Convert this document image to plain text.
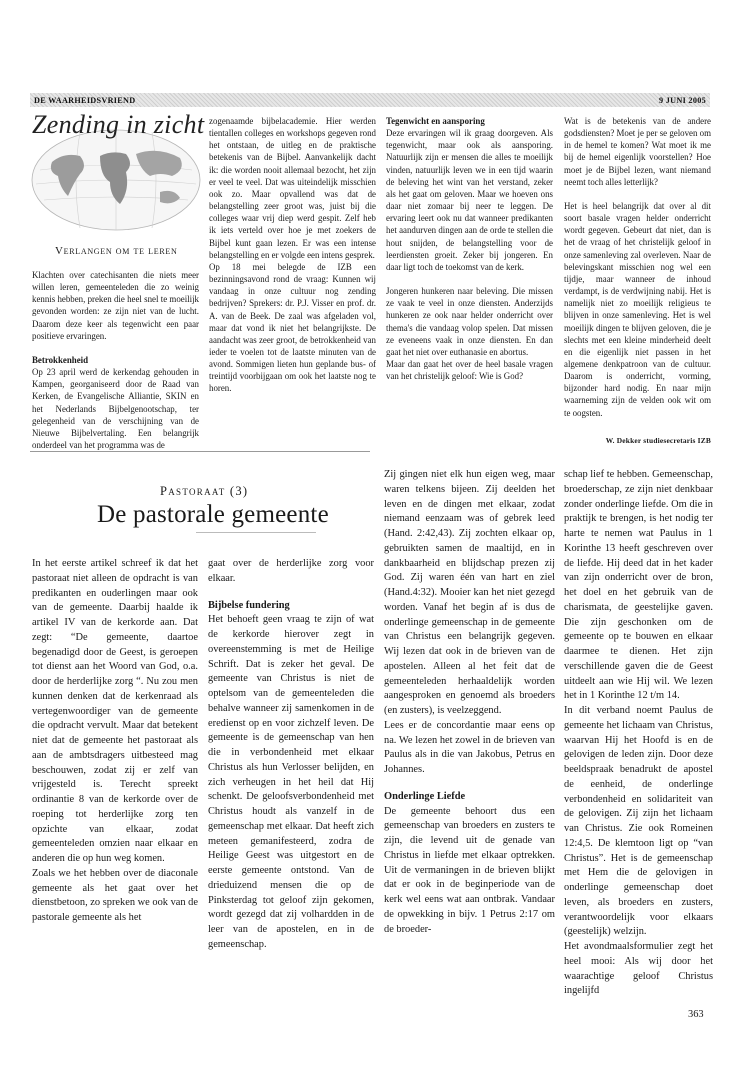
DE WAARHEIDSVRIEND	9 JUNI 2005
Zending in zicht
Verlangen om te leren

Klachten over catechisanten die niets meer willen leren, gemeenteleden die zo weinig kennis hebben, preken die heel snel te moeilijk gevonden worden: ze zijn niet van de lucht. Daarom deze keer als tegenwicht een paar positieve ervaringen.

Betrokkenheid

Op 23 april werd de kerkendag gehouden in Kampen, georganiseerd door de Raad van Kerken, de Evangelische Alliantie, SKIN en het Nederlands Bijbelgenootschap, ter gelegenheid van de verschijning van de Nieuwe Bijbelvertaling. Een belangrijk onderdeel van het programma was de

zogenaamde bijbelacademie. Hier werden tientallen colleges en workshops gegeven rond het ontstaan, de uitleg en de praktische betekenis van de Bijbel. Aanvankelijk dacht ik: die worden nooit allemaal bezocht, het zijn er veel te veel. Dat was uiteindelijk misschien ook zo. Maar opvallend was dat de belangstelling zeer groot was, juist bij die colleges waar vrij diep werd gespit. Zelf heb ik iets verteld over hoe je met zoekers de Bijbel kunt gaan lezen. Er was een intense belangstelling en er volgde een intens gesprek.

Op 18 mei belegde de IZB een bezinningsavond rond de vraag: Kunnen wij vandaag in onze cultuur nog zending bedrijven? Sprekers: dr. P.J. Visser en prof. dr. A. van de Beek. De zaal was afgeladen vol, maar dat vond ik niet het belangrijkste. De aandacht was zeer groot, de betrokkenheid van ieder te voelen tot de laatste minuten van de avond. Sommigen lieten hun geplande bus- of treintijd voorbijgaan om ook het laatste nog te horen.

Tegenwicht en aansporing

Deze ervaringen wil ik graag doorgeven. Als tegenwicht, maar ook als aansporing. Natuurlijk zijn er mensen die alles te moeilijk vinden, natuurlijk leven we in een tijd waarin de beleving het wint van het verstand, zeker als het gaat om geloven. Maar we hoeven ons daar niet zomaar bij neer te leggen. De ervaring leert ook nu dat wanneer predikanten het aandurven dingen aan de orde te stellen die hout snijden, de belangstelling voor de leerdiensten groeit. Zeker bij jongeren. En daar ligt toch de toekomst van de kerk.

Jongeren hunkeren naar beleving. Die missen ze vaak te veel in onze diensten. Anderzijds hunkeren ze ook naar helder onderricht over thema's die vandaag volop spelen. Dat missen ze eveneens vaak in onze diensten. En dan gaat het niet over euthanasie en abortus.

Maar dan gaat het over de heel basale vragen van het christelijk geloof: Wie is God?

Wat is de betekenis van de andere godsdiensten? Moet je per se geloven om in de hemel te komen? Wat moet ik me bij de hemel eigenlijk voorstellen? Hoe moet je de Bijbel lezen, want niemand neemt toch alles letterlijk?

Het is heel belangrijk dat over al dit soort basale vragen helder onderricht wordt gegeven. Gebeurt dat niet, dan is het de vraag of het christelijk geloof in onze samenleving zal overleven. Naar de belevingskant misschien nog wel een tijdje, maar wanneer de inhoud verdampt, is de verdwijning nabij. Het is namelijk niet zo moeilijk religieus te blijven in onze samenleving. Het is wel moeilijk dingen te blijven geloven, die je slechts met een kleine minderheid deelt en die eigenlijk niet passen in het algemene denkpatroon van de cultuur. Daarom is onderricht, vorming, bijzonder hard nodig. En naar mijn waarneming zijn de velden ook wit om te oogsten.

W. Dekker studiesecretaris IZB
Pastoraat (3)
De pastorale gemeente

In het eerste artikel schreef ik dat het pastoraat niet alleen de opdracht is van predikanten en ouderlingen maar ook van de gemeente. Daarbij haalde ik artikel IV van de kerkorde aan. Dat zegt: “De gemeente, daartoe begenadigd door de Geest, is geroepen tot dienst aan het Woord van God, o.a. door de herderlijke zorg “. Nu zou men kunnen denken dat de kerkenraad als vertegenwoordiger van de gemeente die opdracht vervult. Maar dat betekent niet dat de gemeente het pastoraat als aan de ambtsdragers uitbesteed mag beschouwen, zodat zij er zelf van vrijgesteld is. Terecht spreekt ordinantie 8 van de kerkorde over de roeping tot herderlijke zorg ten opzichte van elkaar, zodat gemeenteleden omzien naar elkaar en anderen die op hun weg komen.

Zoals we het hebben over de diaconale gemeente als het gaat over het dienstbetoon, zo spreken we ook van de pastorale gemeente als het

gaat over de herderlijke zorg voor elkaar.

Bijbelse fundering

Het behoeft geen vraag te zijn of wat de kerkorde hierover zegt in overeenstemming is met de Heilige Schrift. Dat is zeker het geval. De gemeente van Christus is niet de optelsom van de gemeenteleden die behalve wanneer zij samenkomen in de eredienst op en voor zichzelf leven. De gemeente is de gemeenschap van hen die in verbondenheid met elkaar Christus als hun Verlosser belijden, en zich verheugen in het heil dat Hij schenkt. De geloofsverbondenheid met Christus houdt als vanzelf in de gemeenschap met elkaar. Dat heeft zich meteen gemanifesteerd, zodra de Heilige Geest was uitgestort en de eerste gemeente ontstond. Van de drieduizend mensen die op de Pinksterdag tot geloof zijn gekomen, wordt gezegd dat zij volhardden in de leer van de apostelen, en in de gemeenschap.

Zij gingen niet elk hun eigen weg, maar waren telkens bijeen. Zij deelden het leven en de dingen met elkaar, zodat niemand eenzaam was of gebrek leed (Hand. 2:42,43). Zij zochten elkaar op, gebruikten samen de maaltijd, en in dankbaarheid en blijdschap prezen zij God. Zij waren één van hart en ziel (Hand.4:32). Mooier kan het niet gezegd worden. Vanaf het begin af is dus de onderlinge gemeenschap in de gemeente van Christus een belangrijk gegeven. Wij lezen dat ook in de brieven van de apostelen. Alleen al het feit dat de gemeenteleden herhaaldelijk worden aangesproken en genoemd als broeders (en zusters), is veelzeggend.

Lees er de concordantie maar eens op na. We lezen het zowel in de brieven van Paulus als in die van Jakobus, Petrus en Johannes.

Onderlinge Liefde

De gemeente behoort dus een gemeenschap van broeders en zusters te zijn, die levend uit de genade van Christus in liefde met elkaar optrekken. Uit de vermaningen in de brieven blijkt dat er ook in de beginperiode van de kerk wel eens wat aan ontbrak. Vandaar de opwekking in bijv. 1 Petrus 2:17 om de broeder-

schap lief te hebben. Gemeenschap, broederschap, ze zijn niet denkbaar zonder onderlinge liefde. Om die in praktijk te brengen, is het nodig ter harte te nemen wat Paulus in 1 Korinthe 13 heeft geschreven over de liefde. Hij deed dat in het kader van zijn onderricht over de bron, het doel en het gebruik van de charismata, de geestelijke gaven. Die zijn geschonken om de gemeente op te bouwen en elkaar daarmee te dienen. Het zijn verschillende gaven die de Geest uitdeelt aan wie Hij wil. We lezen het in 1 Korinthe 12 t/m 14.

In dit verband noemt Paulus de gemeente het lichaam van Christus, waarvan Hij het Hoofd is en de gelovigen de leden zijn. Door deze beeldspraak benadrukt de apostel de eenheid, de onderlinge verbondenheid en solidariteit van de gelovigen. Zij zijn het lichaam van Christus. Zie ook Romeinen 12:4,5. De klemtoon ligt op “van Christus”. Het is de gemeenschap met Hem die de gelovigen in onderlinge gemeenschap doet leven, als broeders en zusters, verantwoordelijk voor elkaars (geestelijk) welzijn.

Het avondmaalsformulier zegt het heel mooi: Als wij door het waarachtige geloof Christus ingelijfd

363
